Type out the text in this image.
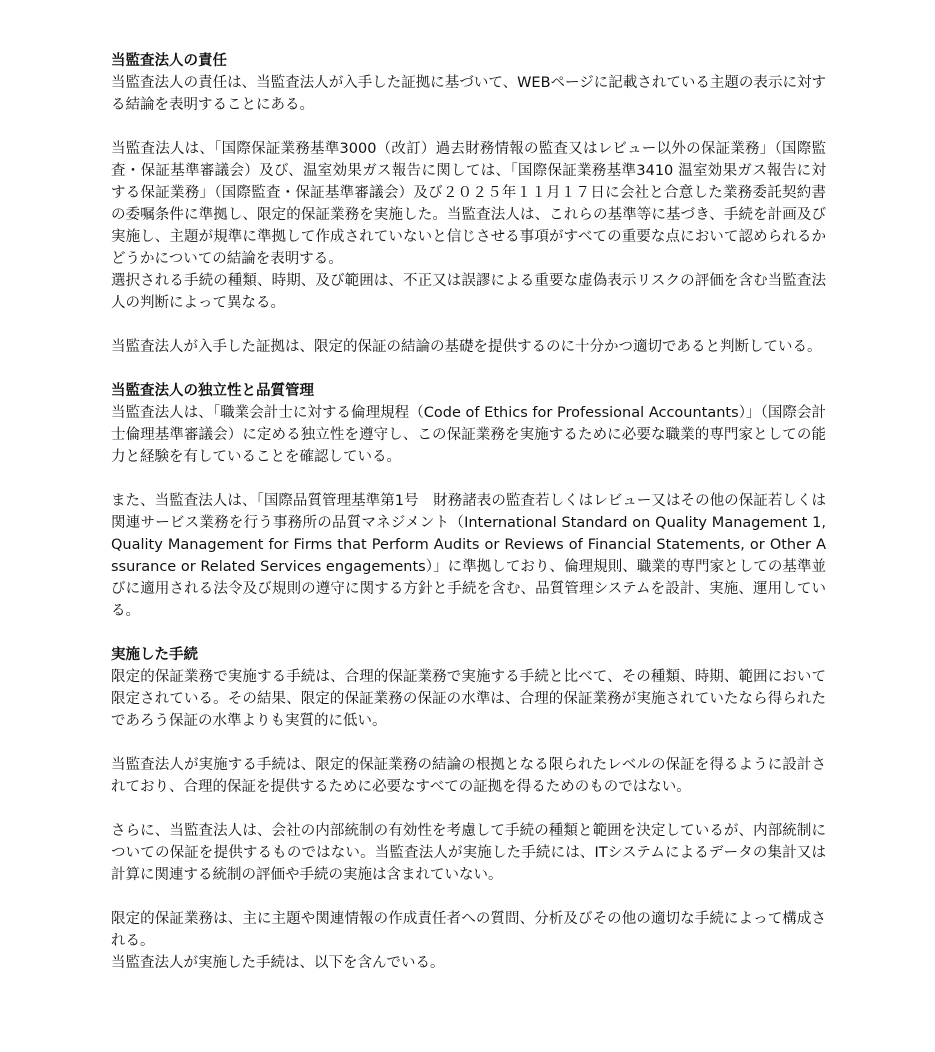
当監査法人の責任

当監査法人の責任は、当監査法人が入手した証拠に基づいて、WEBページに記載されている主題の表示に対する結論を表明することにある。

当監査法人は、「国際保証業務基準3000（改訂）過去財務情報の監査又はレビュー以外の保証業務」（国際監査・保証基準審議会）及び、温室効果ガス報告に関しては、「国際保証業務基準3410 温室効果ガス報告に対する保証業務」（国際監査・保証基準審議会）及び２０２５年１１月１７日に会社と合意した業務委託契約書の委嘱条件に準拠し、限定的保証業務を実施した。当監査法人は、これらの基準等に基づき、手続を計画及び実施し、主題が規準に準拠して作成されていないと信じさせる事項がすべての重要な点において認められるかどうかについての結論を表明する。

選択される手続の種類、時期、及び範囲は、不正又は誤謬による重要な虚偽表示リスクの評価を含む当監査法人の判断によって異なる。

当監査法人が入手した証拠は、限定的保証の結論の基礎を提供するのに十分かつ適切であると判断している。

当監査法人の独立性と品質管理

当監査法人は、「職業会計士に対する倫理規程（Code of Ethics for Professional Accountants）」（国際会計士倫理基準審議会）に定める独立性を遵守し、この保証業務を実施するために必要な職業的専門家としての能力と経験を有していることを確認している。

また、当監査法人は、「国際品質管理基準第1号　財務諸表の監査若しくはレビュー又はその他の保証若しくは関連サービス業務を行う事務所の品質マネジメント（International Standard on Quality Management 1, Quality Management for Firms that Perform Audits or Reviews of Financial Statements, or Other Assurance or Related Services engagements）」に準拠しており、倫理規則、職業的専門家としての基準並びに適用される法令及び規則の遵守に関する方針と手続を含む、品質管理システムを設計、実施、運用している。

実施した手続

限定的保証業務で実施する手続は、合理的保証業務で実施する手続と比べて、その種類、時期、範囲において限定されている。その結果、限定的保証業務の保証の水準は、合理的保証業務が実施されていたなら得られたであろう保証の水準よりも実質的に低い。

当監査法人が実施する手続は、限定的保証業務の結論の根拠となる限られたレベルの保証を得るように設計されており、合理的保証を提供するために必要なすべての証拠を得るためのものではない。

さらに、当監査法人は、会社の内部統制の有効性を考慮して手続の種類と範囲を決定しているが、内部統制についての保証を提供するものではない。当監査法人が実施した手続には、ITシステムによるデータの集計又は計算に関連する統制の評価や手続の実施は含まれていない。

限定的保証業務は、主に主題や関連情報の作成責任者への質問、分析及びその他の適切な手続によって構成される。

当監査法人が実施した手続は、以下を含んでいる。
